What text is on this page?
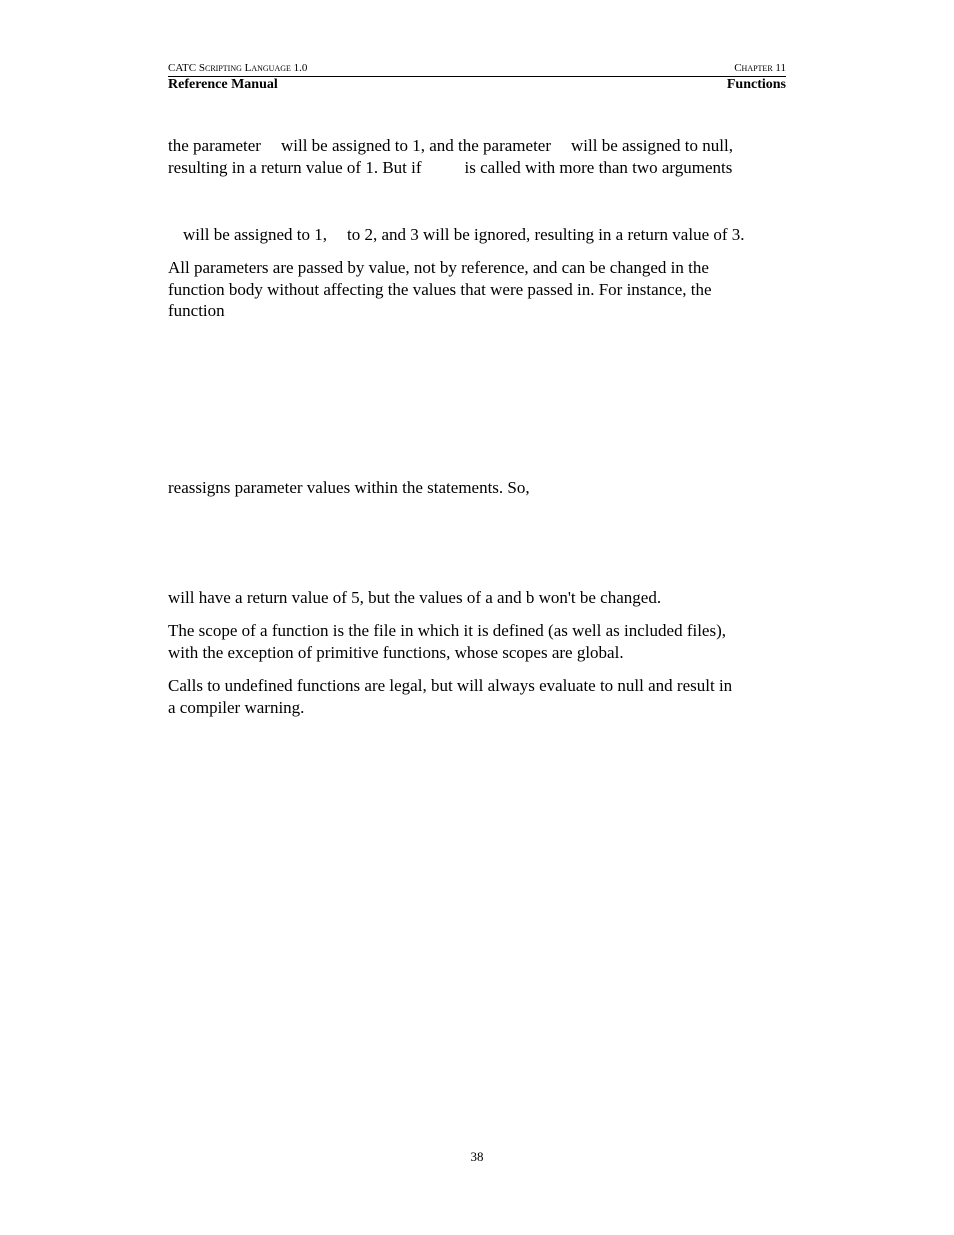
CATC Scripting Language 1.0	Chapter 11
Reference Manual	Functions
the parameter will be assigned to 1, and the parameter will be assigned to null,
resulting in a return value of 1. But if	is called with more than two arguments
will be assigned to 1, to 2, and 3 will be ignored, resulting in a return value of 3.
All parameters are passed by value, not by reference, and can be changed in the
function body without affecting the values that were passed in. For instance, the
function
reassigns parameter values within the statements. So,
will have a return value of 5, but the values of a and b won't be changed.
The scope of a function is the file in which it is defined (as well as included files),
with the exception of primitive functions, whose scopes are global.
Calls to undefined functions are legal, but will always evaluate to null and result in
a compiler warning.
38
